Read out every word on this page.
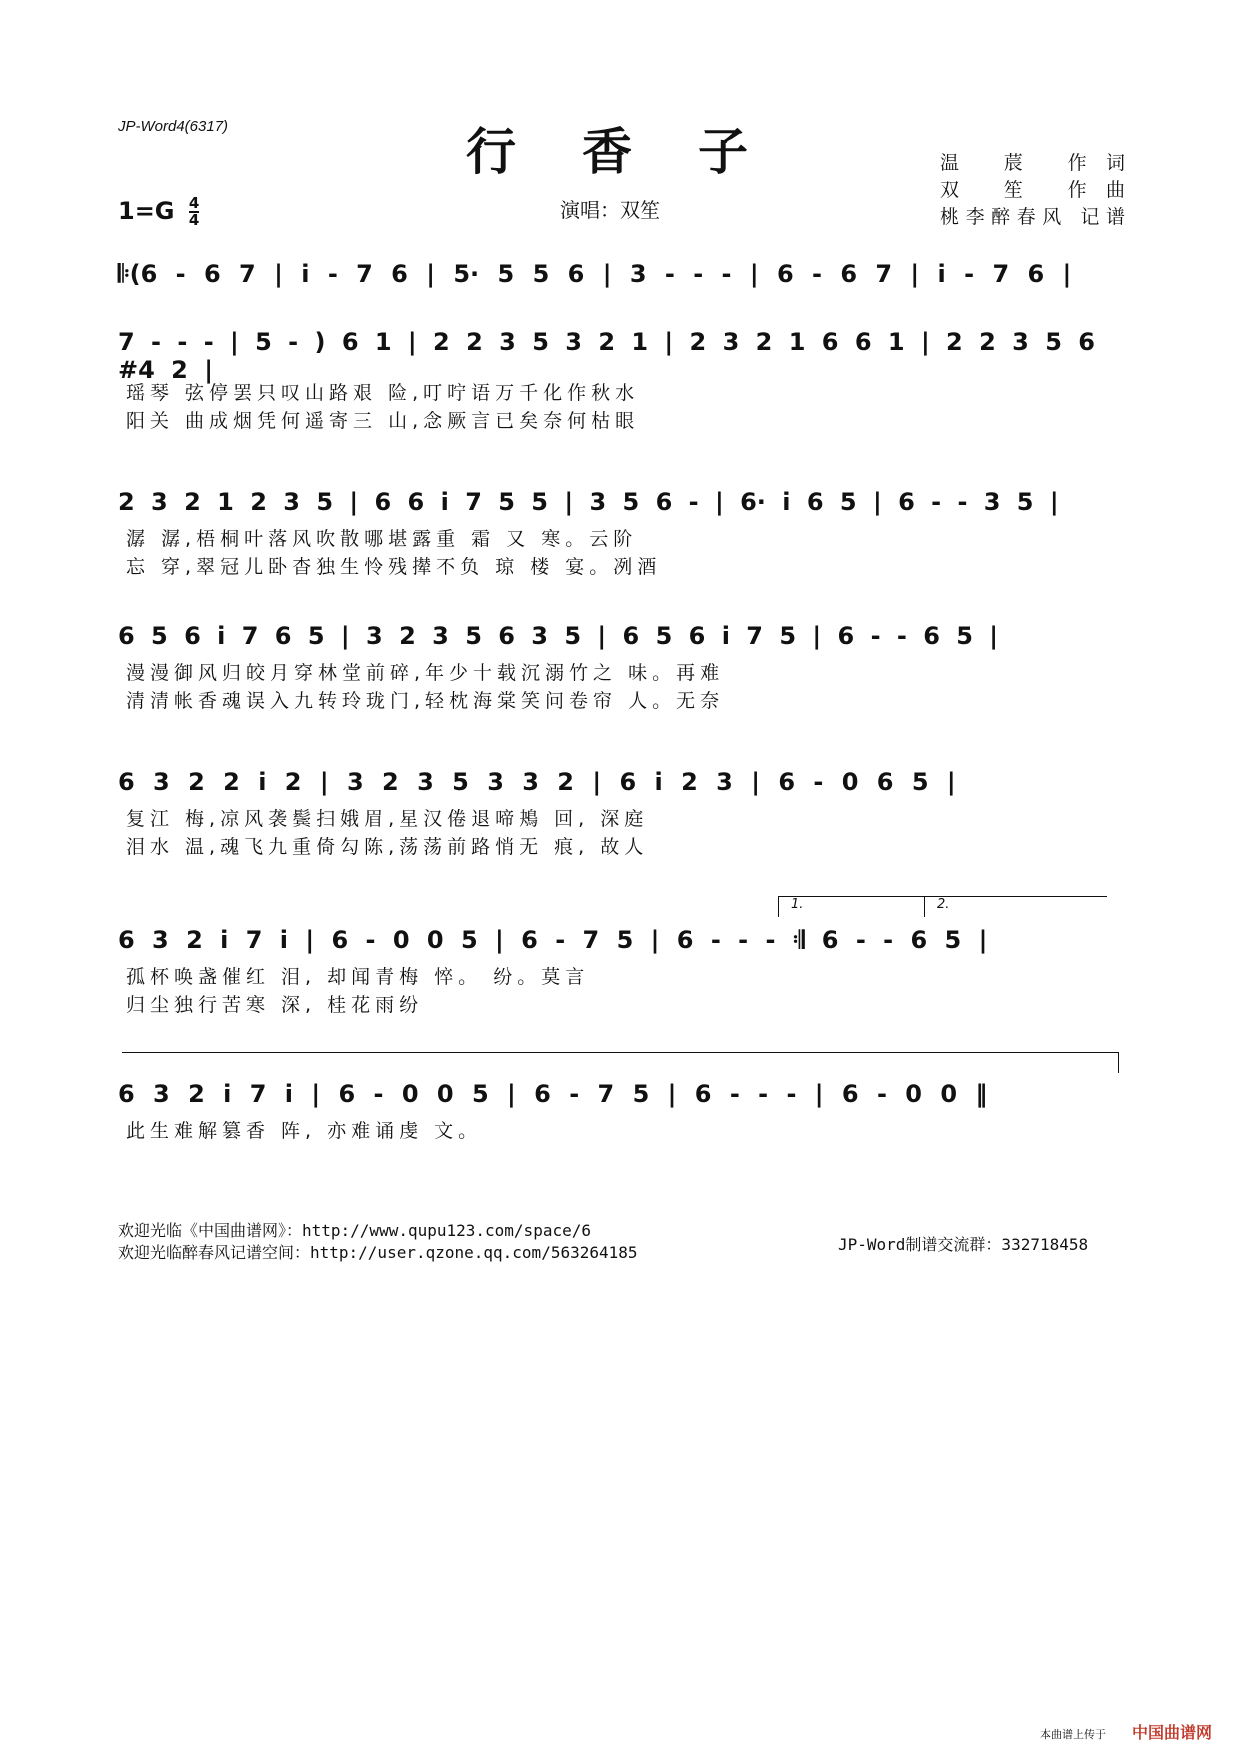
JP-Word4(6317)	行香子	温 莀 作词
双 笙 作曲
桃李醉春风 记谱
$1=G \frac{4}{4}$	演唱：双笙
𝄆(6 - 6 7 | i - 7 6 | 5· 5 5 6 | 3 - - - | 6 - 6 7 | i - 7 6 |
7 - - - | 5 - ) 6 1 | 2 2 3 5 3 2 1 | 2 3 2 1 6 6 1 | 2 2 3 5 6 #4 2 |
瑶琴 弦停罢只叹山路艰 险,叮咛语万千化作秋水
阳关 曲成烟凭何遥寄三 山,念厥言已矣奈何枯眼
2 3 2 1 2 3 5 | 6 6 i 7 5 5 | 3 5 6 - | 6· i 6 5 | 6 - - 3 5 |
潺 潺,梧桐叶落风吹散哪堪露重 霜 又 寒。云阶
忘 穿,翠冠儿卧杳独生怜残撵不负 琼 楼 宴。冽酒
6 5 6 i 7 6 5 | 3 2 3 5 6 3 5 | 6 5 6 i 7 5 | 6 - - 6 5 |
漫漫御风归皎月穿林堂前碎,年少十载沉溺竹之 味。再难
清清帐香魂误入九转玲珑门,轻枕海棠笑问卷帘 人。无奈
6 3 2 2 i 2 | 3 2 3 5 3 3 2 | 6 i 2 3 | 6 - 0 6 5 |
复江 梅,凉风袭鬓扫娥眉,星汉倦退啼鴂 回, 深庭
泪水 温,魂飞九重倚勾陈,荡荡前路悄无 痕, 故人
1.	2.
6 3 2 i 7 i | 6 - 0 0 5 | 6 - 7 5 | 6 - - - 𝄇 6 - - 6 5 |
孤杯唤盏催红 泪, 却闻青梅 悴。 纷。莫言
归尘独行苦寒 深, 桂花雨纷
6 3 2 i 7 i | 6 - 0 0 5 | 6 - 7 5 | 6 - - - | 6 - 0 0 ‖
此生难解篡香 阵, 亦难诵虔 文。
欢迎光临《中国曲谱网》：http://www.qupu123.com/space/6
欢迎光临醉春风记谱空间：http://user.qzone.qq.com/563264185	JP-Word制谱交流群：332718458
本曲谱上传于 中国曲谱网
